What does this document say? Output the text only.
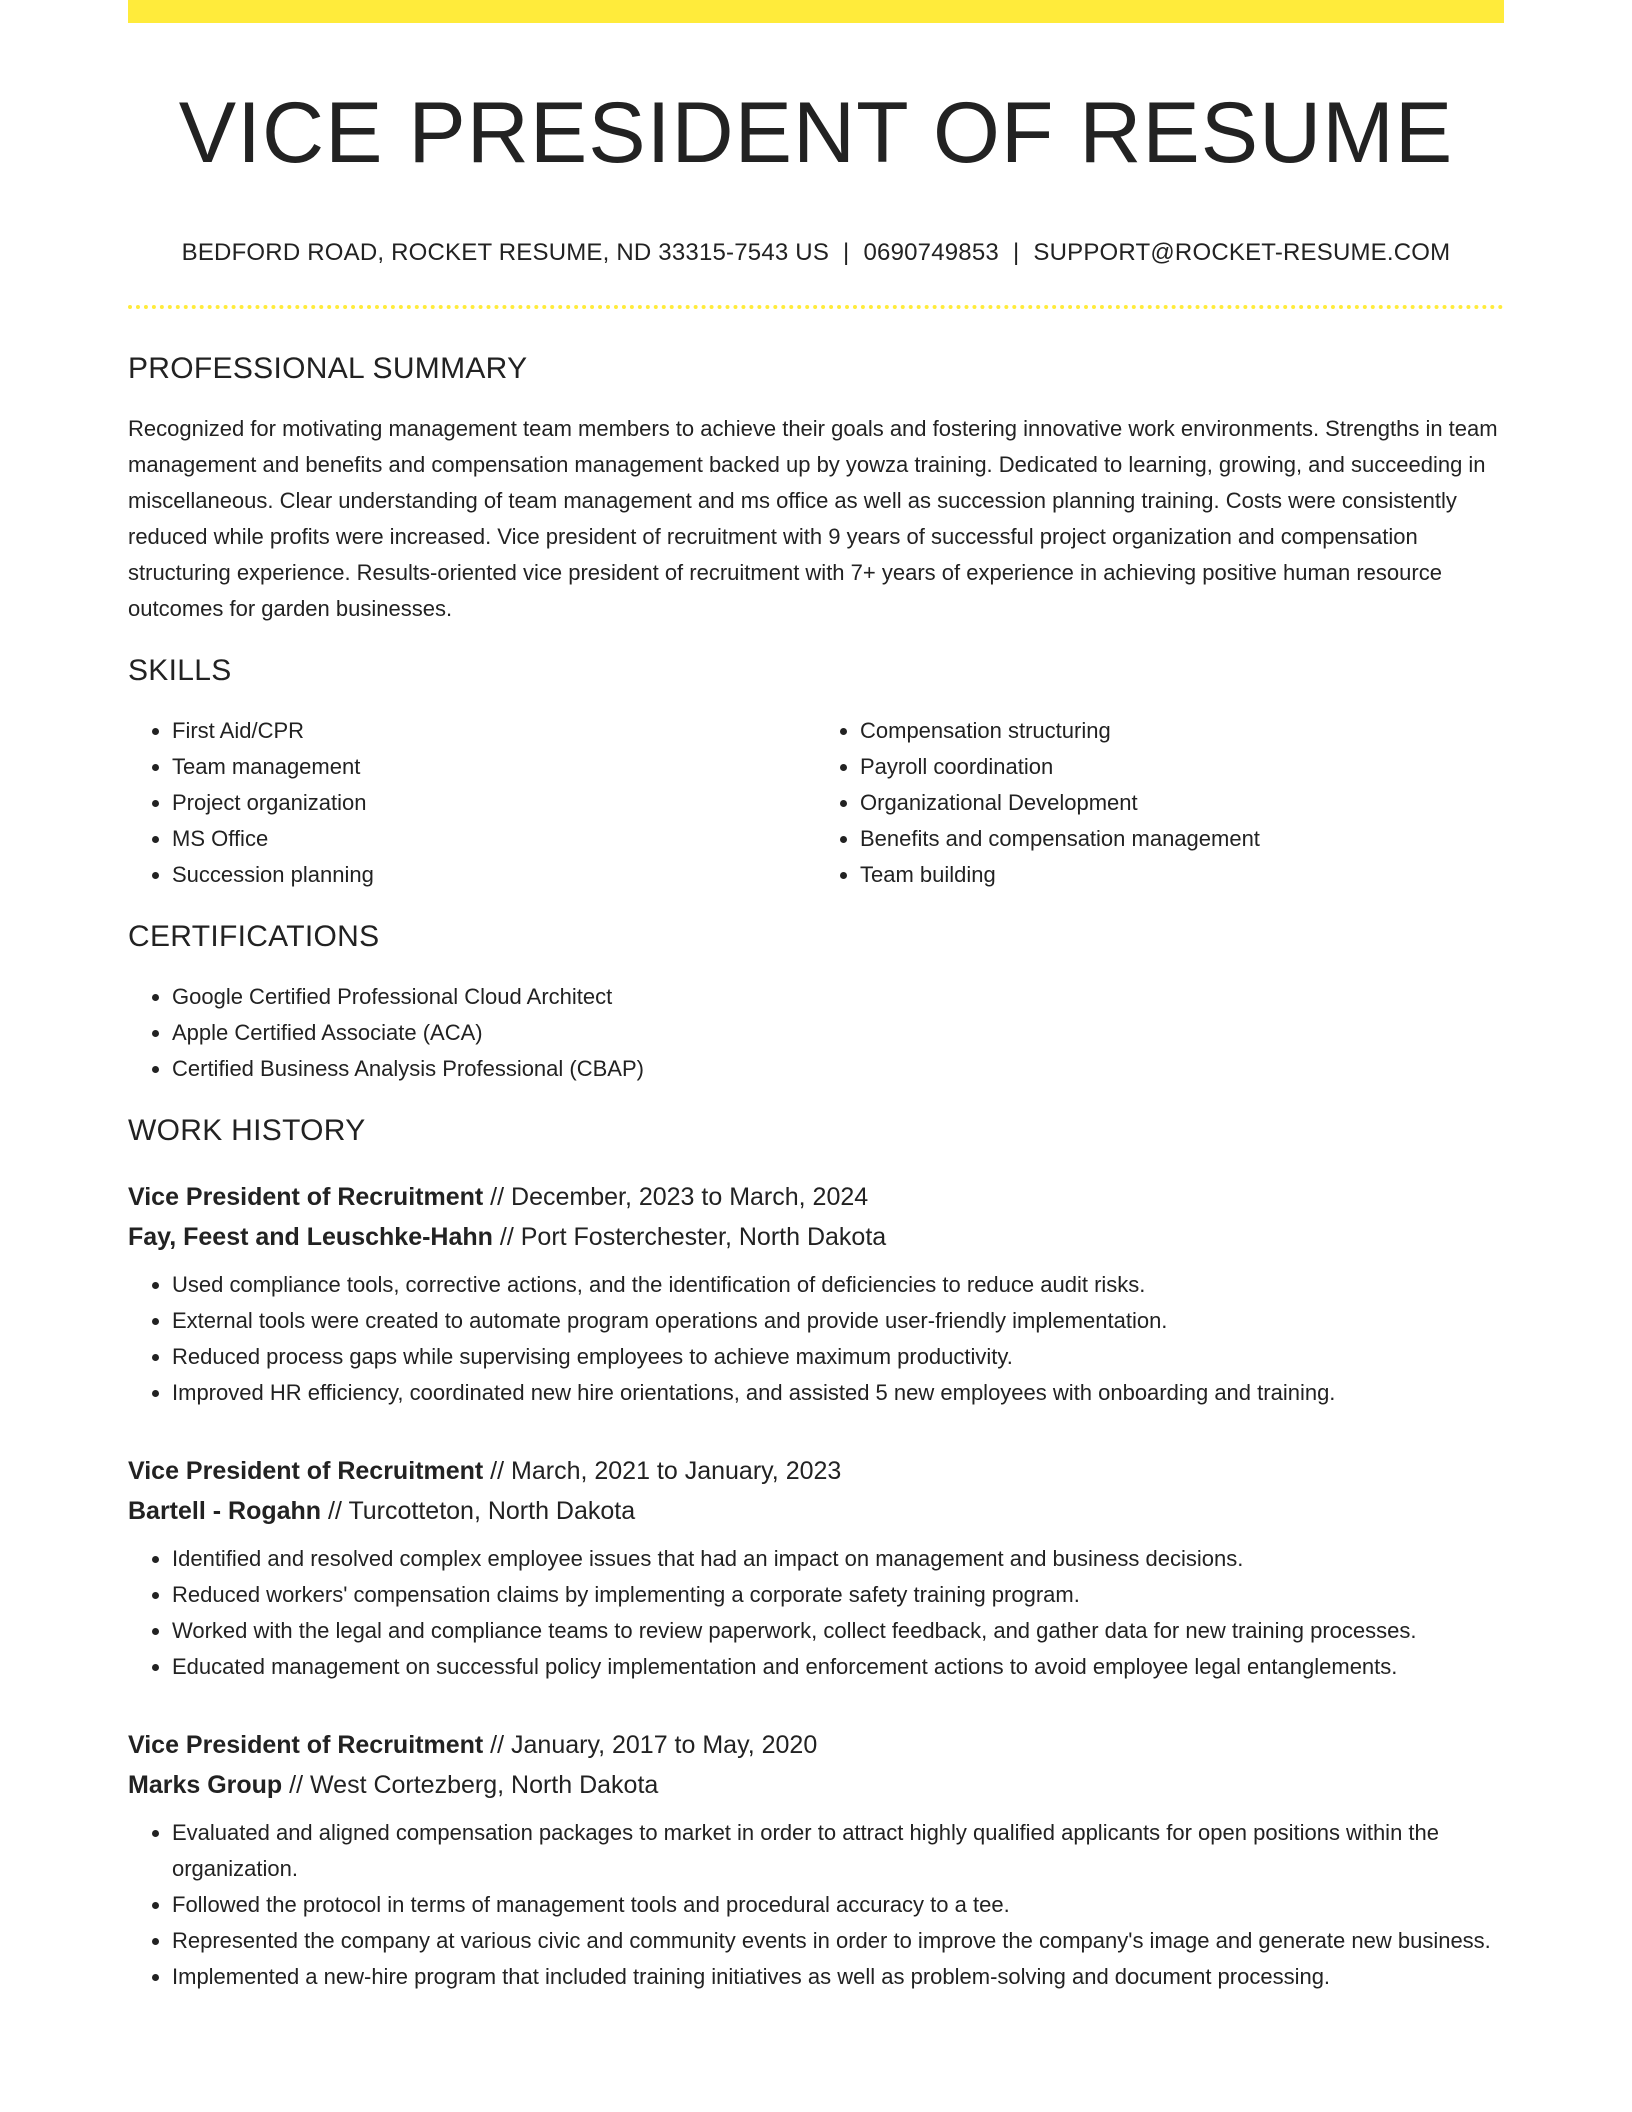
VICE PRESIDENT OF RESUME
BEDFORD ROAD, ROCKET RESUME, ND 33315-7543 US | 0690749853 | SUPPORT@ROCKET-RESUME.COM
PROFESSIONAL SUMMARY

Recognized for motivating management team members to achieve their goals and fostering innovative work environments. Strengths in team management and benefits and compensation management backed up by yowza training. Dedicated to learning, growing, and succeeding in miscellaneous. Clear understanding of team management and ms office as well as succession planning training. Costs were consistently reduced while profits were increased. Vice president of recruitment with 9 years of successful project organization and compensation structuring experience. Results-oriented vice president of recruitment with 7+ years of experience in achieving positive human resource outcomes for garden businesses.

SKILLS
• First Aid/CPR
• Team management
• Project organization
• MS Office
• Succession planning
• Compensation structuring
• Payroll coordination
• Organizational Development
• Benefits and compensation management
• Team building
CERTIFICATIONS
• Google Certified Professional Cloud Architect
• Apple Certified Associate (ACA)
• Certified Business Analysis Professional (CBAP)
WORK HISTORY
Vice President of Recruitment // December, 2023 to March, 2024
Fay, Feest and Leuschke-Hahn // Port Fosterchester, North Dakota
• Used compliance tools, corrective actions, and the identification of deficiencies to reduce audit risks.
• External tools were created to automate program operations and provide user-friendly implementation.
• Reduced process gaps while supervising employees to achieve maximum productivity.
• Improved HR efficiency, coordinated new hire orientations, and assisted 5 new employees with onboarding and training.
Vice President of Recruitment // March, 2021 to January, 2023
Bartell - Rogahn // Turcotteton, North Dakota
• Identified and resolved complex employee issues that had an impact on management and business decisions.
• Reduced workers' compensation claims by implementing a corporate safety training program.
• Worked with the legal and compliance teams to review paperwork, collect feedback, and gather data for new training processes.
• Educated management on successful policy implementation and enforcement actions to avoid employee legal entanglements.
Vice President of Recruitment // January, 2017 to May, 2020
Marks Group // West Cortezberg, North Dakota
• Evaluated and aligned compensation packages to market in order to attract highly qualified applicants for open positions within the organization.
• Followed the protocol in terms of management tools and procedural accuracy to a tee.
• Represented the company at various civic and community events in order to improve the company's image and generate new business.
• Implemented a new-hire program that included training initiatives as well as problem-solving and document processing.
